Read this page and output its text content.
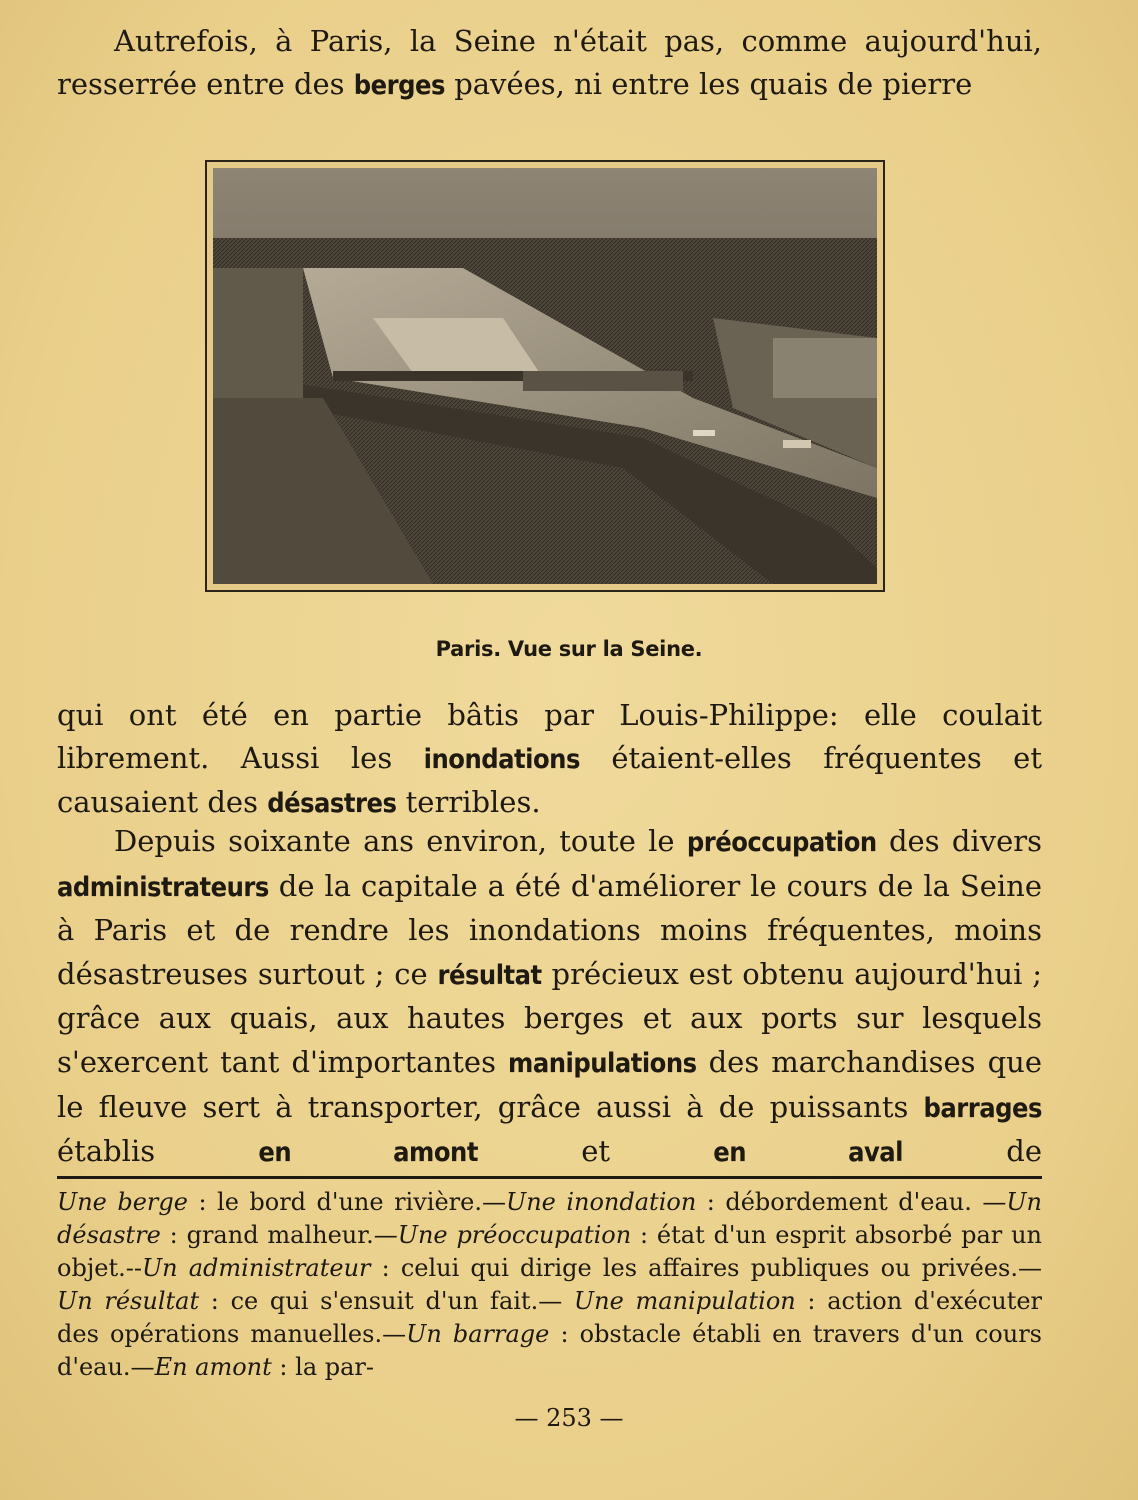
Autrefois, à Paris, la Seine n'était pas, comme aujourd'hui,
resserrée entre des berges pavées, ni entre les quais de pierre
Paris. Vue sur la Seine.
qui ont été en partie bâtis par Louis-Philippe: elle coulait
librement. Aussi les inondations étaient-elles fréquentes et
causaient des désastres terribles.
Depuis soixante ans environ, toute le préoccupation des divers administrateurs de la capitale a été d'améliorer le cours de la Seine à Paris et de rendre les inondations moins fréquentes, moins désastreuses surtout ; ce résultat précieux est obtenu aujourd'hui ; grâce aux quais, aux hautes berges et aux ports sur lesquels s'exercent tant d'importantes manipulations des marchandises que le fleuve sert à transporter, grâce aussi à de puissants barrages établis en amont et en aval de
Une berge : le bord d'une rivière.—Une inondation : débordement d'eau. —Un désastre : grand malheur.—Une préoccupation : état d'un esprit absorbé par un objet.--Un administrateur : celui qui dirige les affaires publiques ou privées.— Un résultat : ce qui s'ensuit d'un fait.— Une manipulation : action d'exécuter des opérations manuelles.—Un barrage : obstacle établi en travers d'un cours d'eau.—En amont : la par-
— 253 —
